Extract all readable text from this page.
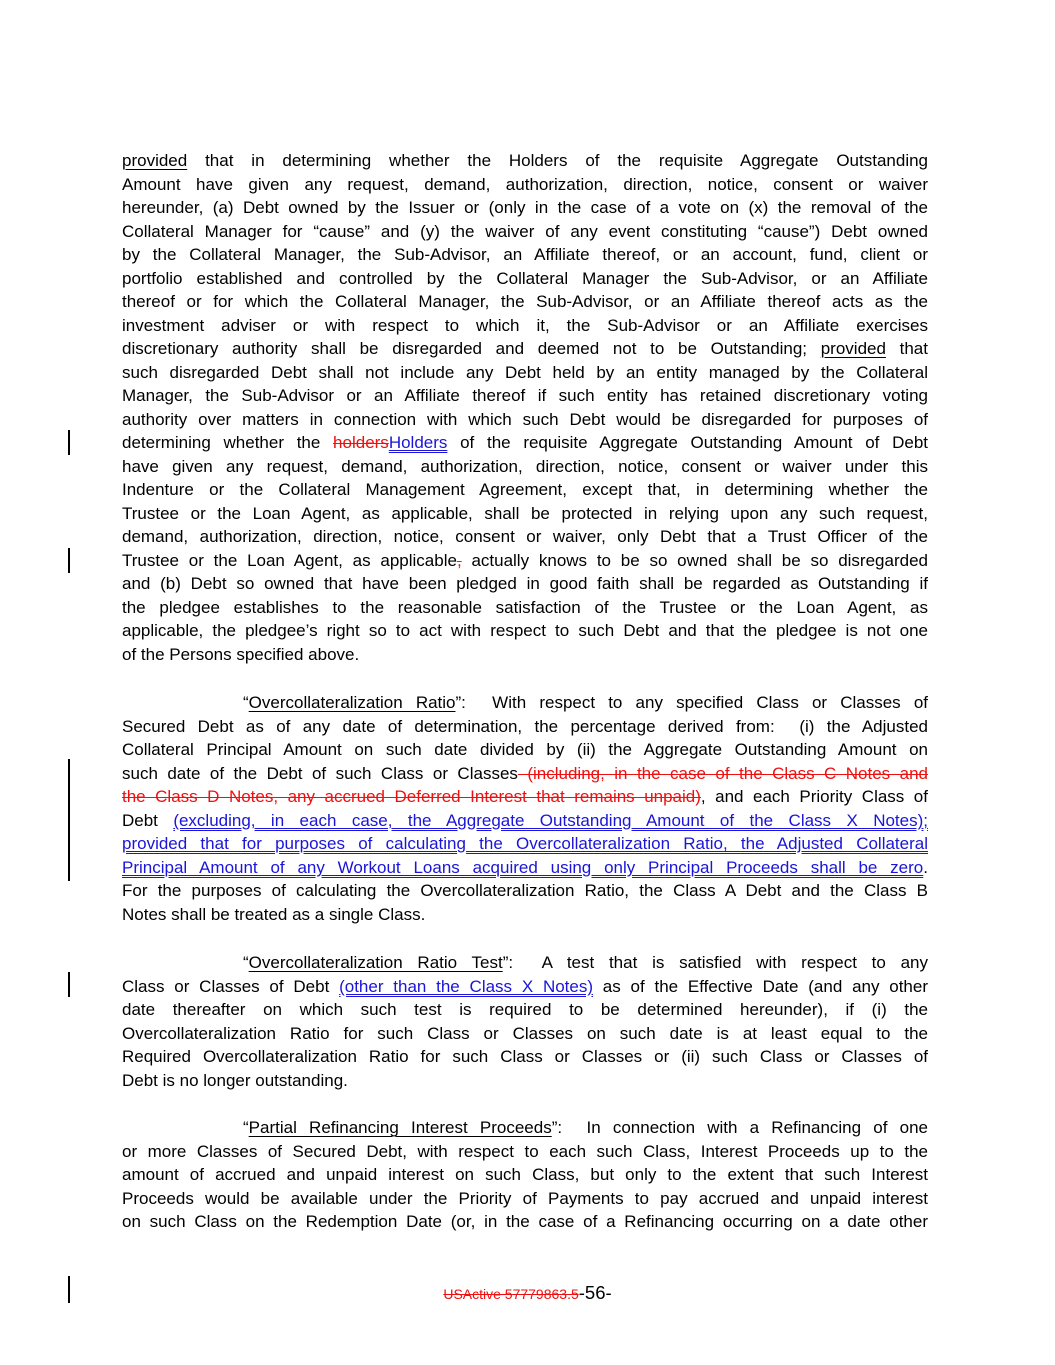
provided that in determining whether the Holders of the requisite Aggregate Outstanding
Amount have given any request, demand, authorization, direction, notice, consent or waiver
hereunder, (a) Debt owned by the Issuer or (only in the case of a vote on (x) the removal of the
Collateral Manager for “cause” and (y) the waiver of any event constituting “cause”) Debt owned
by the Collateral Manager, the Sub-Advisor, an Affiliate thereof, or an account, fund, client or
portfolio established and controlled by the Collateral Manager the Sub-Advisor, or an Affiliate
thereof or for which the Collateral Manager, the Sub-Advisor, or an Affiliate thereof acts as the
investment adviser or with respect to which it, the Sub-Advisor or an Affiliate exercises
discretionary authority shall be disregarded and deemed not to be Outstanding; provided that
such disregarded Debt shall not include any Debt held by an entity managed by the Collateral
Manager, the Sub-Advisor or an Affiliate thereof if such entity has retained discretionary voting
authority over matters in connection with which such Debt would be disregarded for purposes of
determining whether the holdersHolders of the requisite Aggregate Outstanding Amount of Debt
have given any request, demand, authorization, direction, notice, consent or waiver under this
Indenture or the Collateral Management Agreement, except that, in determining whether the
Trustee or the Loan Agent, as applicable, shall be protected in relying upon any such request,
demand, authorization, direction, notice, consent or waiver, only Debt that a Trust Officer of the
Trustee or the Loan Agent, as applicable, actually knows to be so owned shall be so disregarded
and (b) Debt so owned that have been pledged in good faith shall be regarded as Outstanding if
the pledgee establishes to the reasonable satisfaction of the Trustee or the Loan Agent, as
applicable, the pledgee’s right so to act with respect to such Debt and that the pledgee is not one
of the Persons specified above.
“Overcollateralization Ratio”:  With respect to any specified Class or Classes of
Secured Debt as of any date of determination, the percentage derived from:  (i) the Adjusted
Collateral Principal Amount on such date divided by (ii) the Aggregate Outstanding Amount on
such date of the Debt of such Class or Classes (including, in the case of the Class C Notes and
the Class D Notes, any accrued Deferred Interest that remains unpaid), and each Priority Class of
Debt (excluding, in each case, the Aggregate Outstanding Amount of the Class X Notes);
provided that for purposes of calculating the Overcollateralization Ratio, the Adjusted Collateral
Principal Amount of any Workout Loans acquired using only Principal Proceeds shall be zero.
For the purposes of calculating the Overcollateralization Ratio, the Class A Debt and the Class B
Notes shall be treated as a single Class.
“Overcollateralization Ratio Test”:  A test that is satisfied with respect to any
Class or Classes of Debt (other than the Class X Notes) as of the Effective Date (and any other
date thereafter on which such test is required to be determined hereunder), if (i) the
Overcollateralization Ratio for such Class or Classes on such date is at least equal to the
Required Overcollateralization Ratio for such Class or Classes or (ii) such Class or Classes of
Debt is no longer outstanding.
“Partial Refinancing Interest Proceeds”:  In connection with a Refinancing of one
or more Classes of Secured Debt, with respect to each such Class, Interest Proceeds up to the
amount of accrued and unpaid interest on such Class, but only to the extent that such Interest
Proceeds would be available under the Priority of Payments to pay accrued and unpaid interest
on such Class on the Redemption Date (or, in the case of a Refinancing occurring on a date other
USActive 57779863.5-56-
